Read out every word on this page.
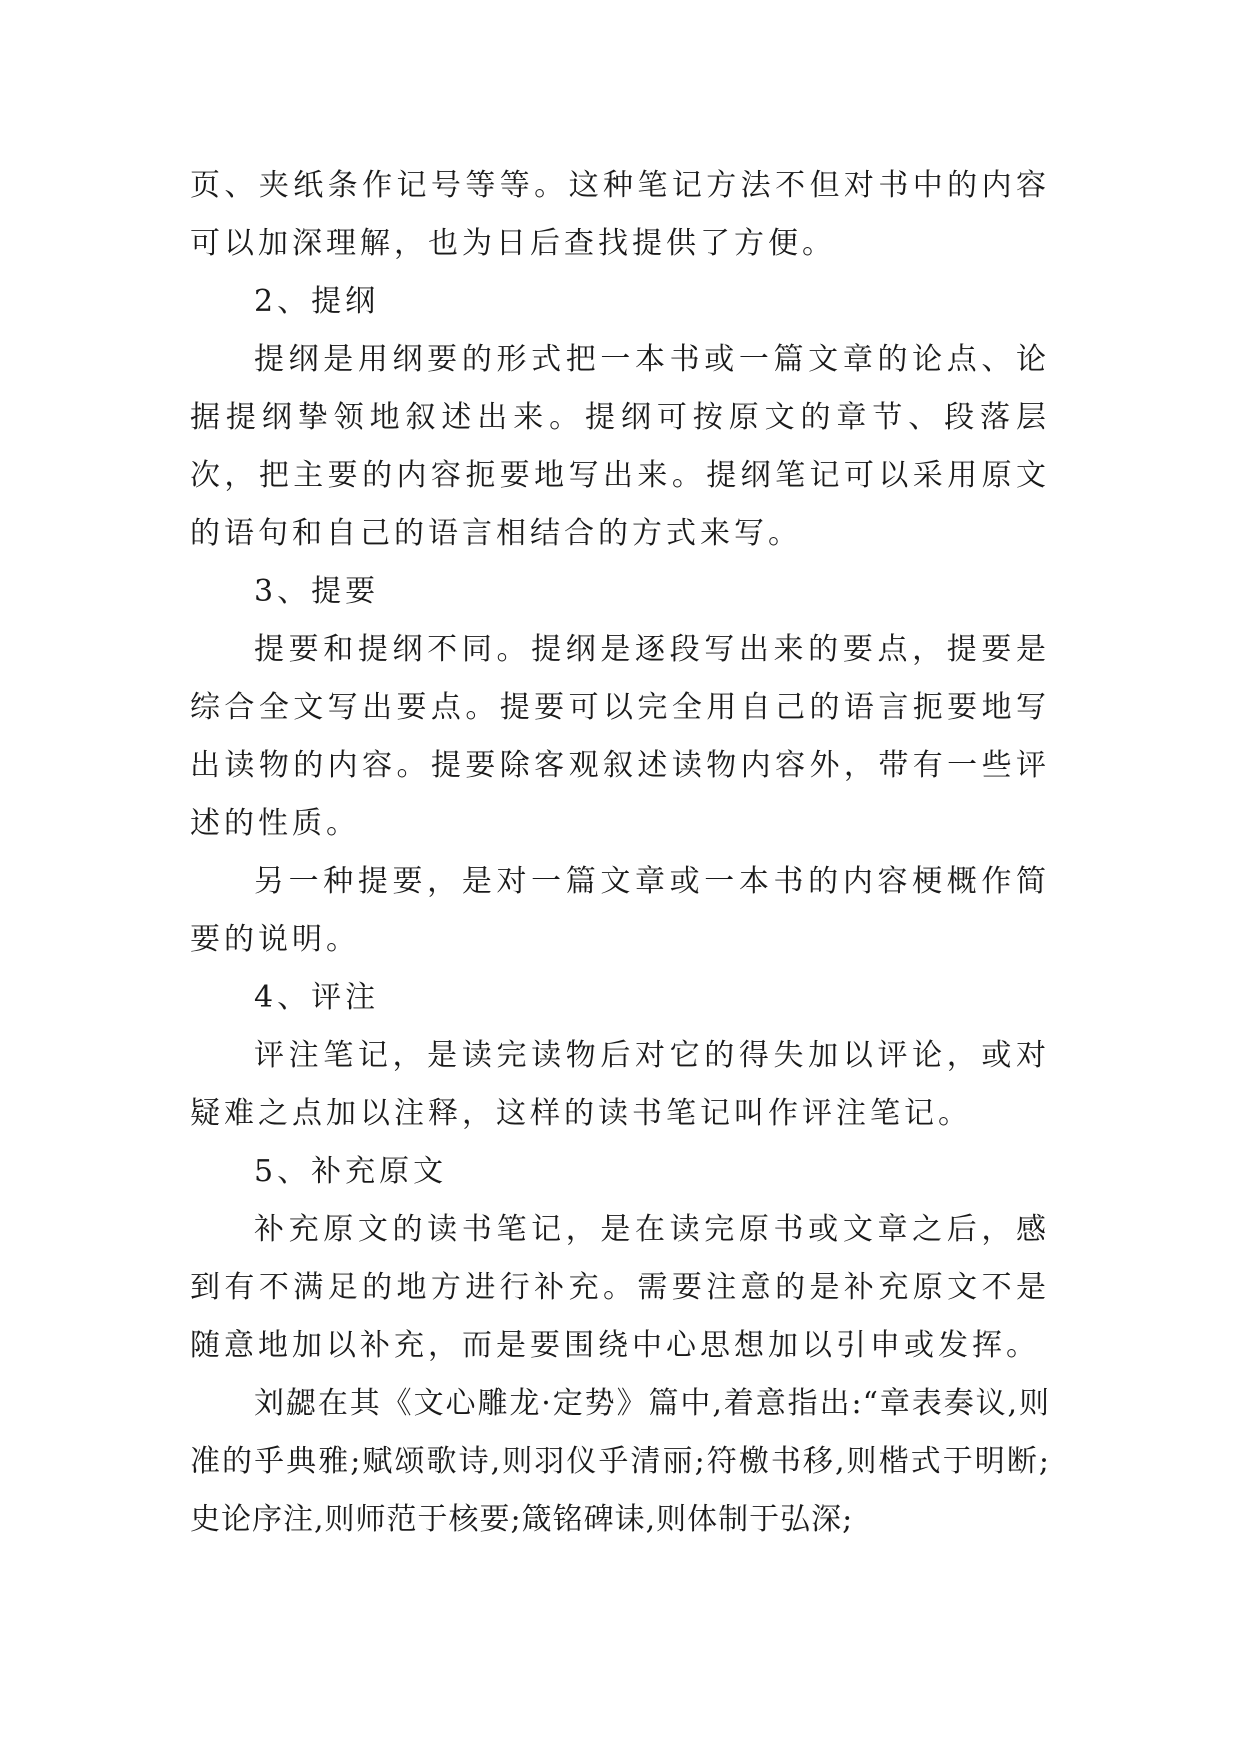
页、夹纸条作记号等等。这种笔记方法不但对书中的内容可以加深理解，也为日后查找提供了方便。

2、提纲

提纲是用纲要的形式把一本书或一篇文章的论点、论据提纲挚领地叙述出来。提纲可按原文的章节、段落层次，把主要的内容扼要地写出来。提纲笔记可以采用原文的语句和自己的语言相结合的方式来写。

3、提要

提要和提纲不同。提纲是逐段写出来的要点，提要是综合全文写出要点。提要可以完全用自己的语言扼要地写出读物的内容。提要除客观叙述读物内容外，带有一些评述的性质。

另一种提要，是对一篇文章或一本书的内容梗概作简要的说明。

4、评注

评注笔记，是读完读物后对它的得失加以评论，或对疑难之点加以注释，这样的读书笔记叫作评注笔记。

5、补充原文

补充原文的读书笔记，是在读完原书或文章之后，感到有不满足的地方进行补充。需要注意的是补充原文不是随意地加以补充，而是要围绕中心思想加以引申或发挥。

刘勰在其《文心雕龙·定势》篇中,着意指出:“章表奏议,则准的乎典雅;赋颂歌诗,则羽仪乎清丽;符檄书移,则楷式于明断;史论序注,则师范于核要;箴铭碑诔,则体制于弘深;
